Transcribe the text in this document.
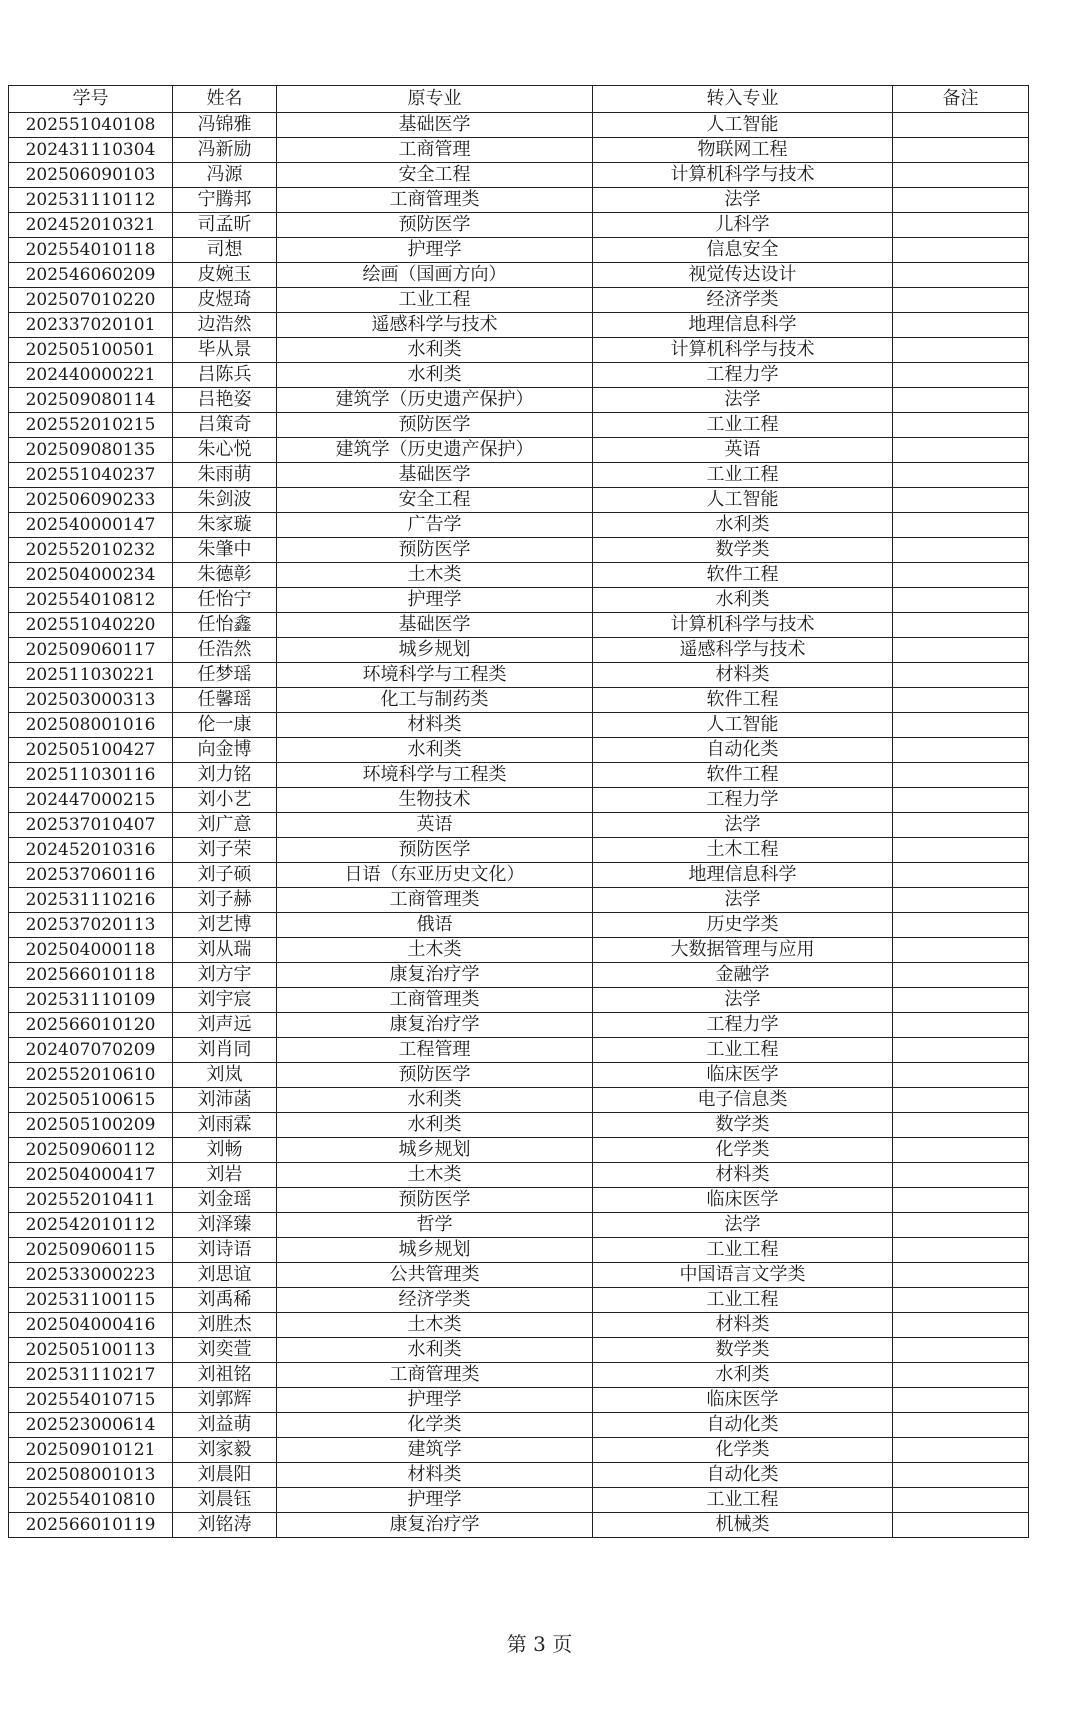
学号	姓名	原专业	转入专业	备注
202551040108	冯锦雅	基础医学	人工智能	
202431110304	冯新励	工商管理	物联网工程	
202506090103	冯源	安全工程	计算机科学与技术	
202531110112	宁腾邦	工商管理类	法学	
202452010321	司孟昕	预防医学	儿科学	
202554010118	司想	护理学	信息安全	
202546060209	皮婉玉	绘画（国画方向）	视觉传达设计	
202507010220	皮煜琦	工业工程	经济学类	
202337020101	边浩然	遥感科学与技术	地理信息科学	
202505100501	毕从景	水利类	计算机科学与技术	
202440000221	吕陈兵	水利类	工程力学	
202509080114	吕艳姿	建筑学（历史遗产保护）	法学	
202552010215	吕策奇	预防医学	工业工程	
202509080135	朱心悦	建筑学（历史遗产保护）	英语	
202551040237	朱雨萌	基础医学	工业工程	
202506090233	朱剑波	安全工程	人工智能	
202540000147	朱家璇	广告学	水利类	
202552010232	朱肇中	预防医学	数学类	
202504000234	朱德彰	土木类	软件工程	
202554010812	任怡宁	护理学	水利类	
202551040220	任怡鑫	基础医学	计算机科学与技术	
202509060117	任浩然	城乡规划	遥感科学与技术	
202511030221	任梦瑶	环境科学与工程类	材料类	
202503000313	任馨瑶	化工与制药类	软件工程	
202508001016	伦一康	材料类	人工智能	
202505100427	向金博	水利类	自动化类	
202511030116	刘力铭	环境科学与工程类	软件工程	
202447000215	刘小艺	生物技术	工程力学	
202537010407	刘广意	英语	法学	
202452010316	刘子荣	预防医学	土木工程	
202537060116	刘子硕	日语（东亚历史文化）	地理信息科学	
202531110216	刘子赫	工商管理类	法学	
202537020113	刘艺博	俄语	历史学类	
202504000118	刘从瑞	土木类	大数据管理与应用	
202566010118	刘方宇	康复治疗学	金融学	
202531110109	刘宇宸	工商管理类	法学	
202566010120	刘声远	康复治疗学	工程力学	
202407070209	刘肖同	工程管理	工业工程	
202552010610	刘岚	预防医学	临床医学	
202505100615	刘沛菡	水利类	电子信息类	
202505100209	刘雨霖	水利类	数学类	
202509060112	刘畅	城乡规划	化学类	
202504000417	刘岩	土木类	材料类	
202552010411	刘金瑶	预防医学	临床医学	
202542010112	刘泽臻	哲学	法学	
202509060115	刘诗语	城乡规划	工业工程	
202533000223	刘思谊	公共管理类	中国语言文学类	
202531100115	刘禹稀	经济学类	工业工程	
202504000416	刘胜杰	土木类	材料类	
202505100113	刘奕萱	水利类	数学类	
202531110217	刘祖铭	工商管理类	水利类	
202554010715	刘郭辉	护理学	临床医学	
202523000614	刘益萌	化学类	自动化类	
202509010121	刘家毅	建筑学	化学类	
202508001013	刘晨阳	材料类	自动化类	
202554010810	刘晨钰	护理学	工业工程	
202566010119	刘铭涛	康复治疗学	机械类	
第 3 页
